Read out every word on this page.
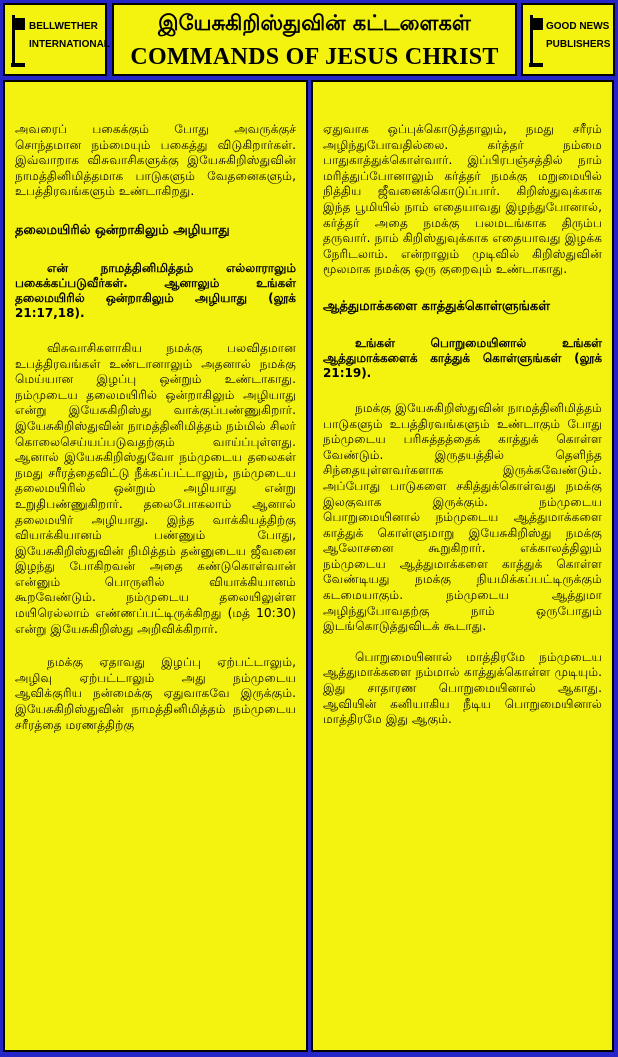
BELLWETHER
INTERNATIONAL
இயேசுகிறிஸ்துவின் கட்டளைகள்
COMMANDS OF JESUS CHRIST
GOOD NEWS
PUBLISHERS

அவரைப் பகைக்கும் போது அவருக்குச் சொந்தமான நம்மையும் பகைத்து விடுகிறார்கள். இவ்வாறாக விசுவாசிகளுக்கு இயேசுகிறிஸ்துவின் நாமத்தினிமித்தமாக பாடுகளும் வேதனைகளும், உபத்திரவங்களும் உண்டாகிறது.

தலைமயிரில் ஒன்றாகிலும் அழியாது

என் நாமத்தினிமித்தம் எல்லாராலும் பகைக்கப்படுவீர்கள். ஆனாலும் உங்கள் தலைமயிரில் ஒன்றாகிலும் அழியாது (லூக் 21:17,18).

விசுவாசிகளாகிய நமக்கு பலவிதமான உபத்திரவங்கள் உண்டானாலும் அதனால் நமக்கு மெய்யான இழப்பு ஒன்றும் உண்டாகாது. நம்முடைய தலைமயிரில் ஒன்றாகிலும் அழியாது என்று இயேசுகிறிஸ்து வாக்குப்பண்ணுகிறார். இயேசுகிறிஸ்துவின் நாமத்தினிமித்தம் நம்மில் சிலர் கொலைசெய்யப்படுவதற்கும் வாய்ப்புள்ளது. ஆனால் இயேசுகிறிஸ்துவோ நம்முடைய தலைகள் நமது சரீரத்தைவிட்டு நீக்கப்பட்டாலும், நம்முடைய தலைமயிரில் ஒன்றும் அழியாது என்று உறுதிபண்ணுகிறார். தலைபோகலாம் ஆனால் தலைமயிர் அழியாது. இந்த வாக்கியத்திற்கு வியாக்கியானம் பண்ணும் போது, இயேசுகிறிஸ்துவின் நிமித்தம் தன்னுடைய ஜீவனை இழந்து போகிறவன் அதை கண்டுகொள்வான் என்னும் பொருளில் வியாக்கியானம் கூறவேண்டும். நம்முடைய தலையிலுள்ள மயிரெல்லாம் எண்ணப்பட்டிருக்கிறது (மத் 10:30) என்று இயேசுகிறிஸ்து அறிவிக்கிறார்.

நமக்கு ஏதாவது இழப்பு ஏற்பட்டாலும், அழிவு ஏற்பட்டாலும் அது நம்முடைய ஆவிக்குரிய நன்மைக்கு ஏதுவாகவே இருக்கும். இயேசுகிறிஸ்துவின் நாமத்தினிமித்தம் நம்முடைய சரீரத்தை மரணத்திற்கு

ஏதுவாக ஒப்புக்கொடுத்தாலும், நமது சரீரம் அழிந்துபோவதில்லை. கர்த்தர் நம்மை பாதுகாத்துக்கொள்வார். இப்பிரபஞ்சத்தில் நாம் மரித்துப்போனாலும் கர்த்தர் நமக்கு மறுமையில் நித்திய ஜீவனைக்கொடுப்பார். கிறிஸ்துவுக்காக இந்த பூமியில் நாம் எதையாவது இழந்துபோனால், கர்த்தர் அதை நமக்கு பலமடங்காக திரும்ப தருவார். நாம் கிறிஸ்துவுக்காக எதையாவது இழக்க நேரிடலாம். என்றாலும் முடிவில் கிறிஸ்துவின் மூலமாக நமக்கு ஒரு குறைவும் உண்டாகாது.

ஆத்துமாக்களை காத்துக்கொள்ளுங்கள்

உங்கள் பொறுமையினால் உங்கள் ஆத்துமாக்களைக் காத்துக் கொள்ளுங்கள் (லூக் 21:19).

நமக்கு இயேசுகிறிஸ்துவின் நாமத்தினிமித்தம் பாடுகளும் உபத்திரவங்களும் உண்டாகும் போது நம்முடைய பரிசுத்தத்தைக் காத்துக் கொள்ள வேண்டும். இருதயத்தில் தெளிந்த சிந்தையுள்ளவர்களாக இருக்கவேண்டும். அப்போது பாடுகளை சகித்துக்கொள்வது நமக்கு இலகுவாக இருக்கும். நம்முடைய பொறுமையினால் நம்முடைய ஆத்துமாக்களை காத்துக் கொள்ளுமாறு இயேசுகிறிஸ்து நமக்கு ஆலோசனை கூறுகிறார். எக்காலத்திலும் நம்முடைய ஆத்துமாக்களை காத்துக் கொள்ள வேண்டியது நமக்கு நியமிக்கப்பட்டிருக்கும் கடமையாகும். நம்முடைய ஆத்துமா அழிந்துபோவதற்கு நாம் ஒருபோதும் இடங்கொடுத்துவிடக் கூடாது.

பொறுமையினால் மாத்திரமே நம்முடைய ஆத்துமாக்களை நம்மால் காத்துக்கொள்ள முடியும். இது சாதாரண பொறுமையினால் ஆகாது. ஆவியின் கனியாகிய நீடிய பொறுமையினால் மாத்திரமே இது ஆகும்.
